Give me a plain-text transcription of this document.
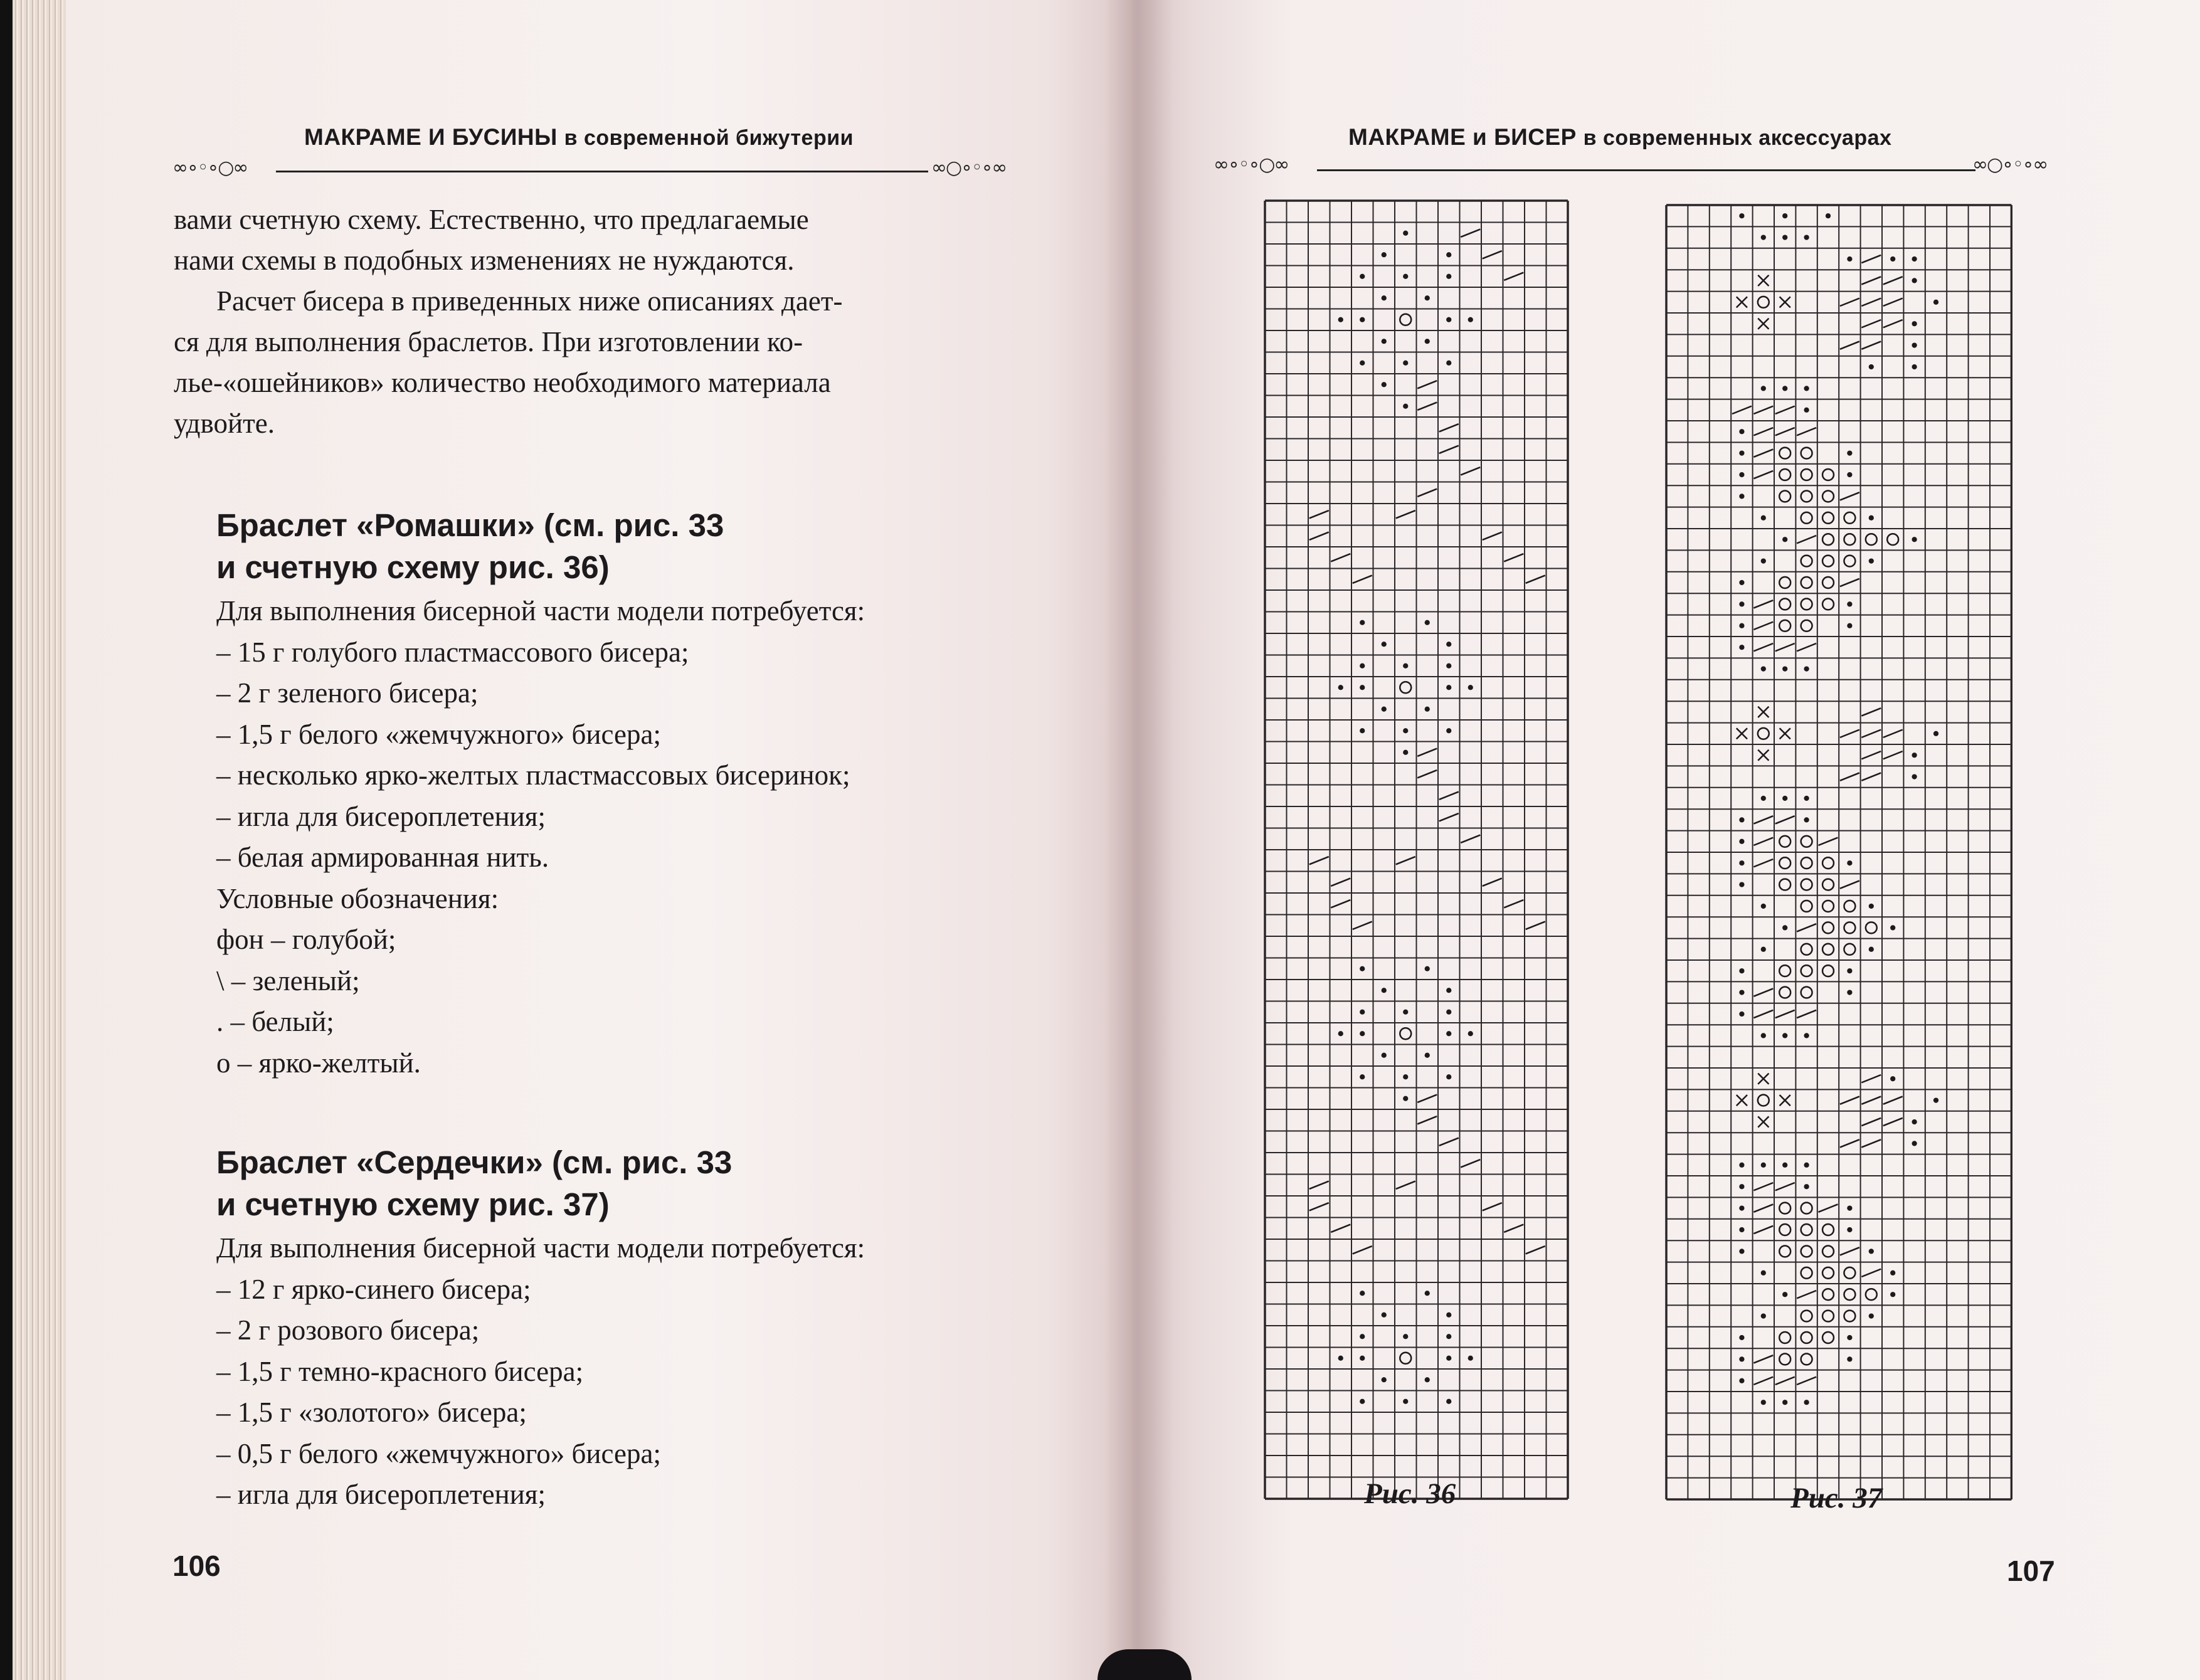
МАКРАМЕ И БУСИНЫ в современной бижутерии
∞∘◦∘○∞	∞○∘◦∘∞

вами счетную схему. Естественно, что предлагаемые

нами схемы в подобных изменениях не нуждаются.

Расчет бисера в приведенных ниже описаниях дает-

ся для выполнения браслетов. При изготовлении ко-

лье-«ошейников» количество необходимого материала

удвойте.

Браслет «Ромашки» (см. рис. 33

и счетную схему рис. 36)

Для выполнения бисерной части модели потребуется:

– 15 г голубого пластмассового бисера;

– 2 г зеленого бисера;

– 1,5 г белого «жемчужного» бисера;

– несколько ярко-желтых пластмассовых бисеринок;

– игла для бисероплетения;

– белая армированная нить.

Условные обозначения:

фон – голубой;

\ – зеленый;

. – белый;

о – ярко-желтый.

Браслет «Сердечки» (см. рис. 33

и счетную схему рис. 37)

Для выполнения бисерной части модели потребуется:

– 12 г ярко-синего бисера;

– 2 г розового бисера;

– 1,5 г темно-красного бисера;

– 1,5 г «золотого» бисера;

– 0,5 г белого «жемчужного» бисера;

– игла для бисероплетения;

106
МАКРАМЕ и БИСЕР в современных аксессуарах
∞∘◦∘○∞	∞○∘◦∘∞
Рис. 36	Рис. 37
107
